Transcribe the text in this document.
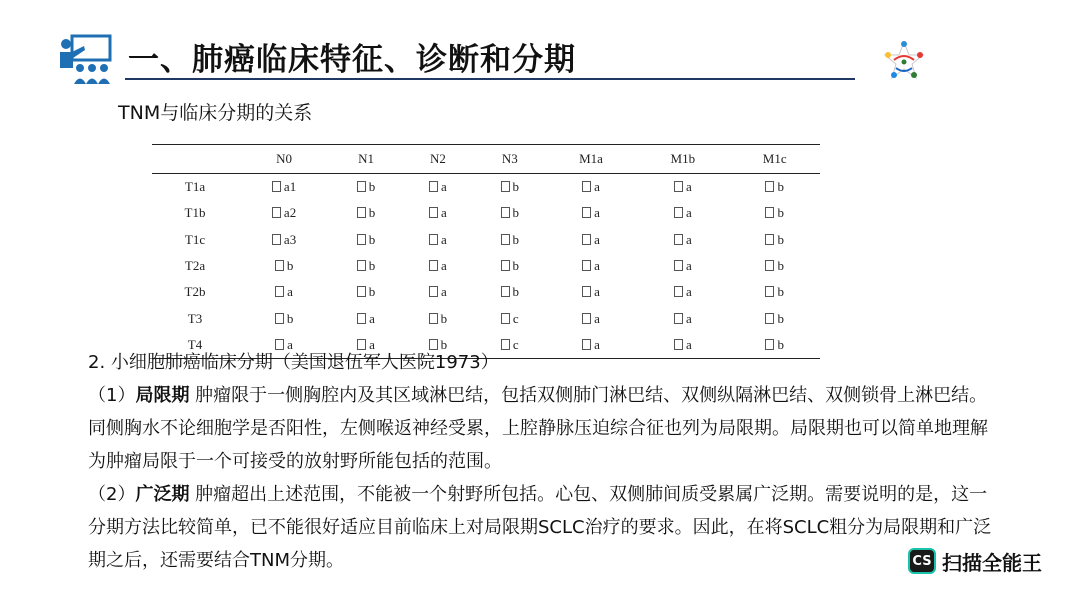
一、肺癌临床特征、诊断和分期
TNM与临床分期的关系
	N0	N1	N2	N3	M1a	M1b	M1c
T1a	a1	b	a	b	a	a	b
T1b	a2	b	a	b	a	a	b
T1c	a3	b	a	b	a	a	b
T2a	b	b	a	b	a	a	b
T2b	a	b	a	b	a	a	b
T3	b	a	b	c	a	a	b
T4	a	a	b	c	a	a	b

2. 小细胞肺癌临床分期（美国退伍军人医院1973）

（1）局限期 肿瘤限于一侧胸腔内及其区域淋巴结，包括双侧肺门淋巴结、双侧纵隔淋巴结、双侧锁骨上淋巴结。同侧胸水不论细胞学是否阳性，左侧喉返神经受累，上腔静脉压迫综合征也列为局限期。局限期也可以简单地理解为肿瘤局限于一个可接受的放射野所能包括的范围。

（2）广泛期 肿瘤超出上述范围，不能被一个射野所包括。心包、双侧肺间质受累属广泛期。需要说明的是，这一分期方法比较简单，已不能很好适应目前临床上对局限期SCLC治疗的要求。因此，在将SCLC粗分为局限期和广泛期之后，还需要结合TNM分期。	CS 扫描全能王
